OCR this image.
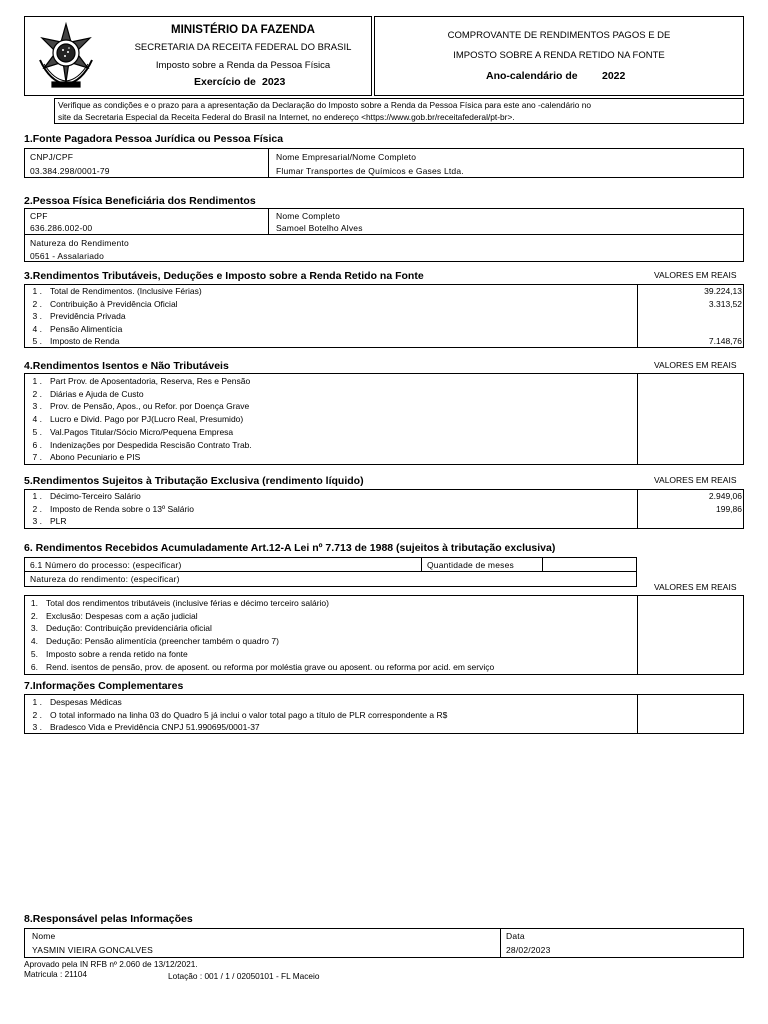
MINISTÉRIO DA FAZENDA
SECRETARIA DA RECEITA FEDERAL DO BRASIL
Imposto sobre a Renda da Pessoa Física
Exercício de 2023
COMPROVANTE DE RENDIMENTOS PAGOS E DE
IMPOSTO SOBRE A RENDA RETIDO NA FONTE
Ano-calendário de 2022
Verifique as condições e o prazo para a apresentação da Declaração do Imposto sobre a Renda da Pessoa Física para este ano -calendário no
site da Secretaria Especial da Receita Federal do Brasil na Internet, no endereço <https://www.gob.br/receitafederal/pt-br>.
1.Fonte Pagadora Pessoa Jurídica ou Pessoa Física
CNPJ/CPF
03.384.298/0001-79
Nome Empresarial/Nome Completo
Flumar Transportes de Químicos e Gases Ltda.
2.Pessoa Física Beneficiária dos Rendimentos
CPF
636.286.002-00
Nome Completo
Samoel Botelho Alves
Natureza do Rendimento
0561 - Assalariado
3.Rendimentos Tributáveis, Deduções e Imposto sobre a Renda Retido na Fonte	VALORES EM REAIS
1 . Total de Rendimentos. (Inclusive Férias)	39.224,13
2 . Contribuição à Previdência Oficial	3.313,52
3 . Previdência Privada
4 . Pensão Alimentícia
5 . Imposto de Renda	7.148,76
4.Rendimentos Isentos e Não Tributáveis	VALORES EM REAIS
1 . Part Prov. de Aposentadoria, Reserva, Res e Pensão
2 . Diárias e Ajuda de Custo
3 . Prov. de Pensão, Apos., ou Refor. por Doença Grave
4 . Lucro e Divid. Pago por PJ(Lucro Real, Presumido)
5 . Val.Pagos Titular/Sócio Micro/Pequena Empresa
6 . Indenizações por Despedida Rescisão Contrato Trab.
7 . Abono Pecuniario e PIS
5.Rendimentos Sujeitos à Tributação Exclusiva (rendimento líquido)	VALORES EM REAIS
1 . Décimo-Terceiro Salário	2.949,06
2 . Imposto de Renda sobre o 13º Salário	199,86
3 . PLR
6. Rendimentos Recebidos Acumuladamente Art.12-A Lei nº 7.713 de 1988 (sujeitos à tributação exclusiva)
6.1 Número do processo: (especificar)	Quantidade de meses
Natureza do rendimento: (especificar)
VALORES EM REAIS
1. Total dos rendimentos tributáveis (inclusive férias e décimo terceiro salário)
2. Exclusão: Despesas com a ação judicial
3. Dedução: Contribuição previdenciária oficial
4. Dedução: Pensão alimentícia (preencher também o quadro 7)
5. Imposto sobre a renda retido na fonte
6. Rend. isentos de pensão, prov. de aposent. ou reforma por moléstia grave ou aposent. ou reforma por acid. em serviço
7.Informações Complementares
1 . Despesas Médicas
2 . O total informado na linha 03 do Quadro 5 já inclui o valor total pago a título de PLR correspondente a R$
3 . Bradesco Vida e Previdência CNPJ 51.990695/0001-37
8.Responsável pelas Informações
Nome
YASMIN VIEIRA GONCALVES
Data
28/02/2023
Aprovado pela IN RFB nº 2.060 de 13/12/2021.
Matricula : 21104	Lotação : 001 / 1 / 02050101 - FL Maceio
